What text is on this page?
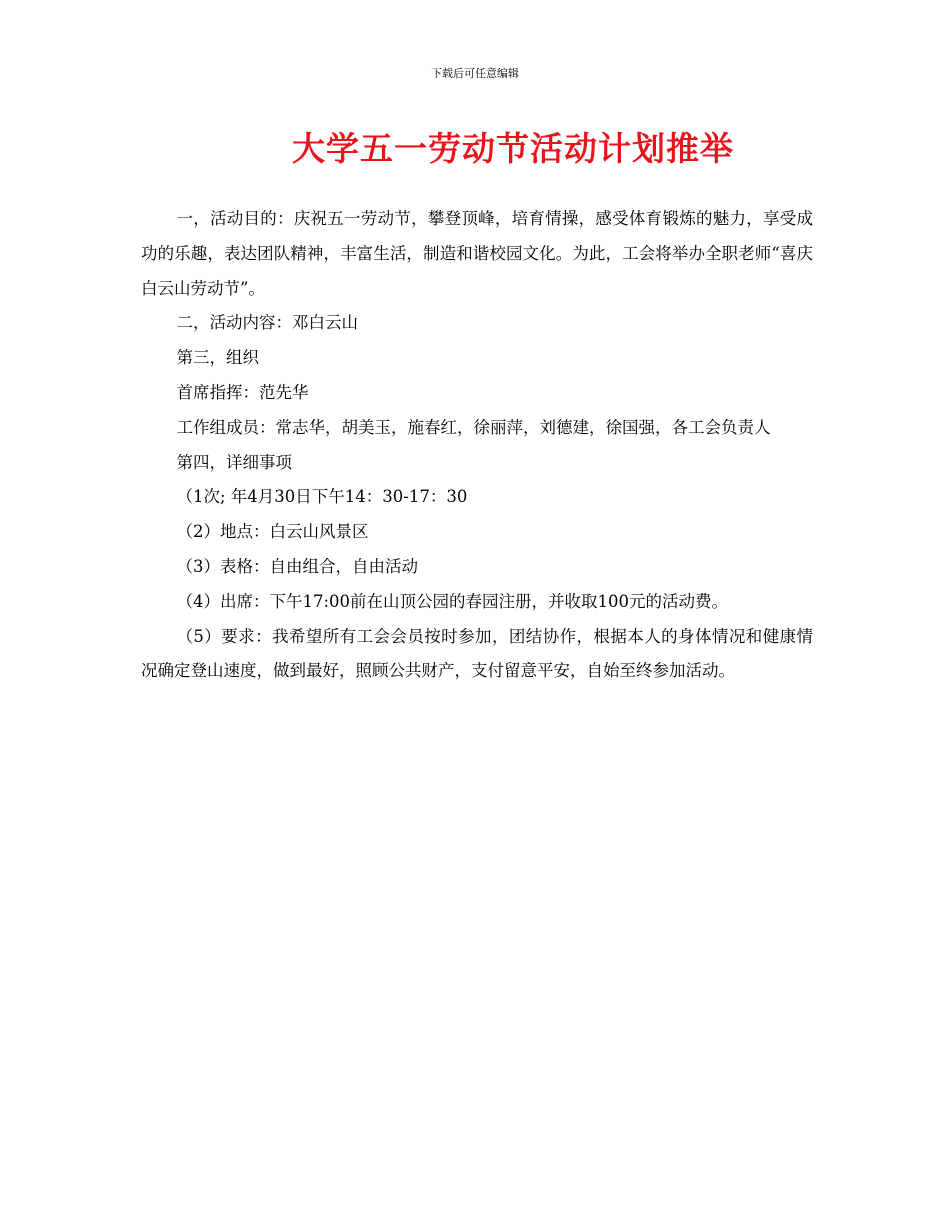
下载后可任意编辑
大学五一劳动节活动计划推举

一，活动目的：庆祝五一劳动节，攀登顶峰，培育情操，感受体育锻炼的魅力，享受成功的乐趣，表达团队精神，丰富生活，制造和谐校园文化。为此，工会将举办全职老师“喜庆白云山劳动节”。

二，活动内容：邓白云山

第三，组织

首席指挥：范先华

工作组成员：常志华，胡美玉，施春红，徐丽萍，刘德建，徐国强，各工会负责人

第四，详细事项

（1次; 年4月30日下午14：30-17：30

（2）地点：白云山风景区

（3）表格：自由组合，自由活动

（4）出席：下午17:00前在山顶公园的春园注册，并收取100元的活动费。

（5）要求：我希望所有工会会员按时参加，团结协作，根据本人的身体情况和健康情况确定登山速度，做到最好，照顾公共财产，支付留意平安，自始至终参加活动。
